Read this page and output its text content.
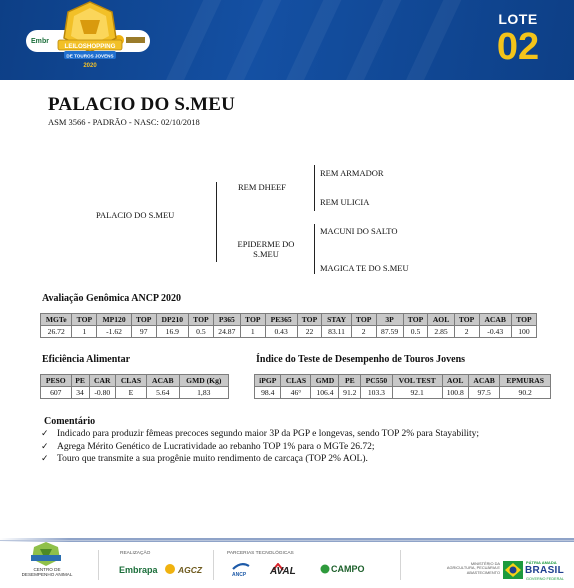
Em br
LEILOSHOPPING
DE TOUROS JOVENS
2020
LOTE
02
PALACIO DO S.MEU
ASM 3566 - PADRÃO - NASC: 02/10/2018
PALACIO DO S.MEU
REM DHEEF
EPIDERME DO S.MEU
REM ARMADOR
REM ULICIA
MACUNI DO SALTO
MAGICA TE DO S.MEU
Avaliação Genômica ANCP 2020
MGTe	TOP	MP120	TOP	DP210	TOP	P365	TOP	PE365	TOP	STAY	TOP	3P	TOP	AOL	TOP	ACAB	TOP
26.72	1	-1.62	97	16.9	0.5	24.87	1	0.43	22	83.11	2	87.59	0.5	2.85	2	-0.43	100
Eficiência Alimentar
PESO	PE	CAR	CLAS	ACAB	GMD (Kg)
607	34	-0.80	E	5.64	1,83
Índice do Teste de Desempenho de Touros Jovens
iPGP	CLAS	GMD	PE	PC550	VOL TEST	AOL	ACAB	EPMURAS
98.4	46°	106.4	91.2	103.3	92.1	100.8	97.5	90.2
Comentário
✓ Indicado para produzir fêmeas precoces segundo maior 3P da PGP e longevas, sendo TOP 2% para Stayability;
✓ Agrega Mérito Genético de Lucratividade ao rebanho TOP 1% para o MGTe 26.72;
✓ Touro que transmite a sua progênie muito rendimento de carcaça (TOP 2% AOL).
CENTRO DE DESEMPENHO ANIMAL
REALIZAÇÃO
Embrapa AGCZ
PARCERIAS TECNOLÓGICAS
ANCP AVAL	CAMPO
MINISTÉRIO DA AGRICULTURA, PECUÁRIA E ABASTECIMENTO
PÁTRIA AMADA
BRASIL
GOVERNO FEDERAL
